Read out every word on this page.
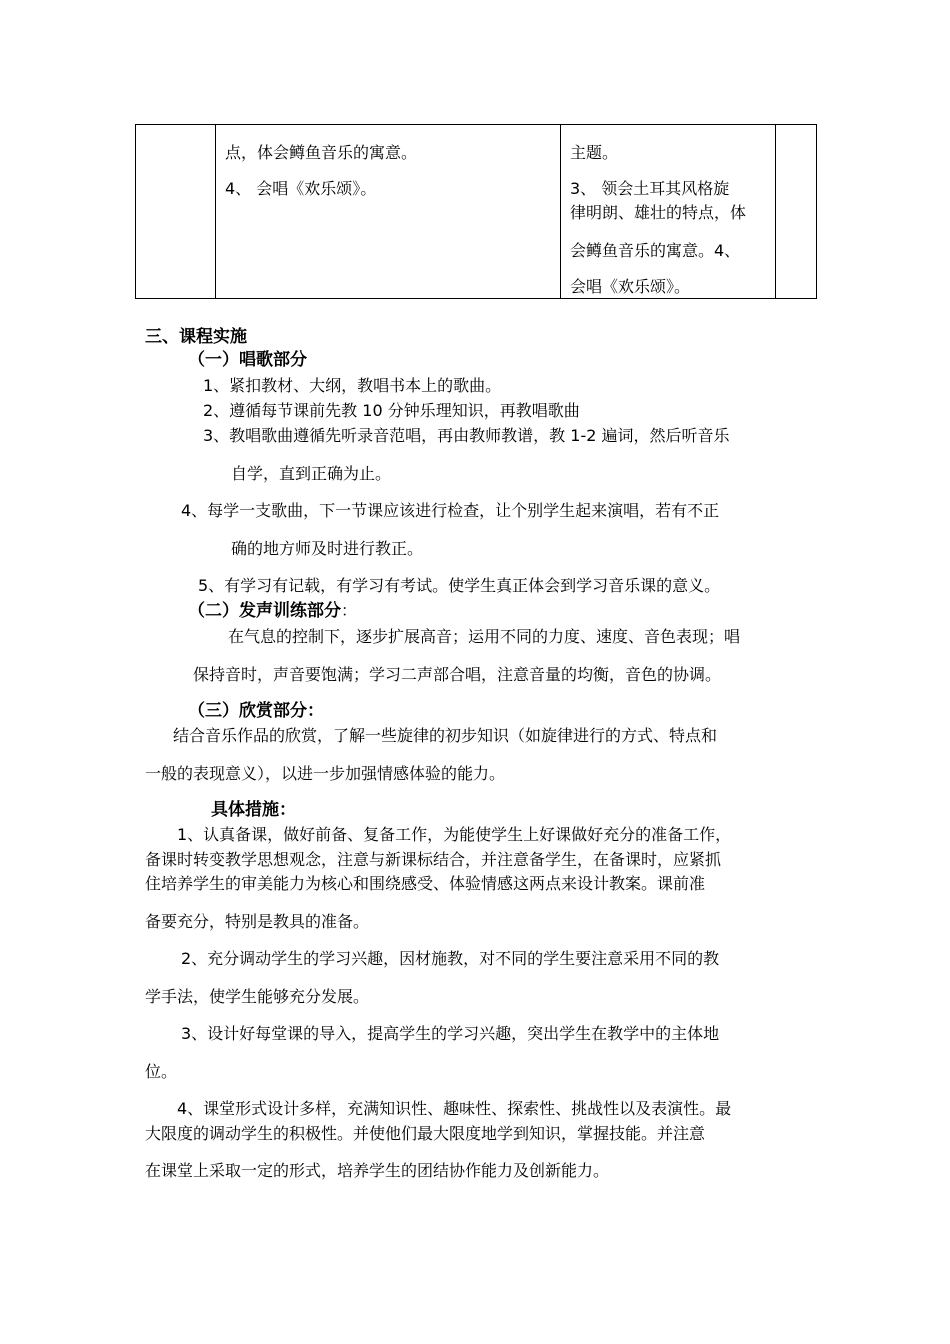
点，体会鳟鱼音乐的寓意。
4、 会唱《欢乐颂》。

主题。
3、 领会土耳其风格旋
律明朗、雄壮的特点，体
会鳟鱼音乐的寓意。4、
会唱《欢乐颂》。

三、课程实施
（一）唱歌部分
1、紧扣教材、大纲，教唱书本上的歌曲。
2、遵循每节课前先教 10 分钟乐理知识，再教唱歌曲
3、教唱歌曲遵循先听录音范唱，再由教师教谱，教 1-2 遍词，然后听音乐
自学，直到正确为止。
4、每学一支歌曲，下一节课应该进行检查，让个别学生起来演唱，若有不正
确的地方师及时进行教正。
5、有学习有记载，有学习有考试。使学生真正体会到学习音乐课的意义。
（二）发声训练部分：
在气息的控制下，逐步扩展高音；运用不同的力度、速度、音色表现；唱
保持音时，声音要饱满；学习二声部合唱，注意音量的均衡，音色的协调。
（三）欣赏部分：
结合音乐作品的欣赏，了解一些旋律的初步知识（如旋律进行的方式、特点和
一般的表现意义），以进一步加强情感体验的能力。
具体措施：
1、认真备课，做好前备、复备工作，为能使学生上好课做好充分的准备工作，
备课时转变教学思想观念，注意与新课标结合，并注意备学生，在备课时，应紧抓
住培养学生的审美能力为核心和围绕感受、体验情感这两点来设计教案。课前准
备要充分，特别是教具的准备。
2、充分调动学生的学习兴趣，因材施教，对不同的学生要注意采用不同的教
学手法，使学生能够充分发展。
3、设计好每堂课的导入，提高学生的学习兴趣，突出学生在教学中的主体地
位。
4、课堂形式设计多样，充满知识性、趣味性、探索性、挑战性以及表演性。最
大限度的调动学生的积极性。并使他们最大限度地学到知识，掌握技能。并注意
在课堂上采取一定的形式，培养学生的团结协作能力及创新能力。
